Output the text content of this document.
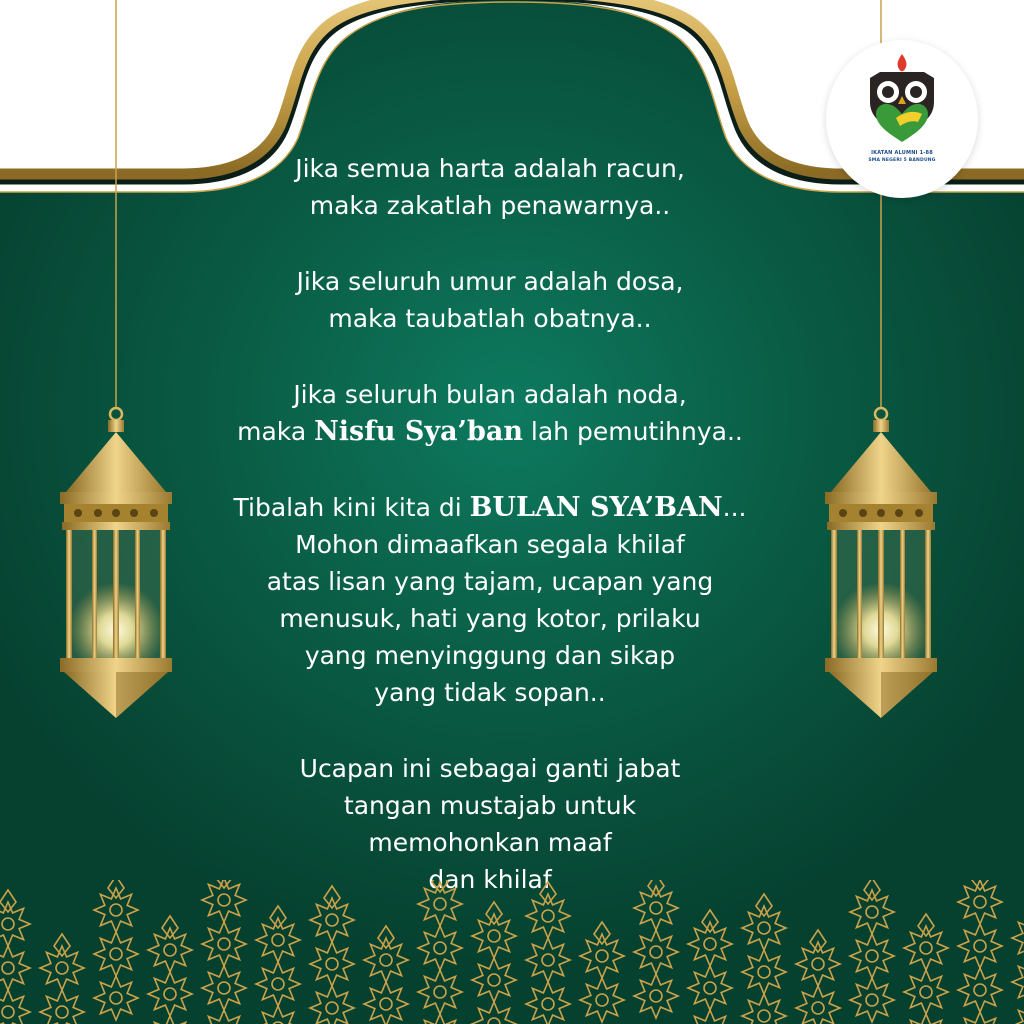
IKATAN ALUMNI 1-88
SMA NEGERI 5 BANDUNG
Jika semua harta adalah racun,
maka zakatlah penawarnya..
Jika seluruh umur adalah dosa,
maka taubatlah obatnya..
Jika seluruh bulan adalah noda,
maka Nisfu Sya’ban lah pemutihnya..
Tibalah kini kita di BULAN SYA’BAN...
Mohon dimaafkan segala khilaf
atas lisan yang tajam, ucapan yang
menusuk, hati yang kotor, prilaku
yang menyinggung dan sikap
yang tidak sopan..
Ucapan ini sebagai ganti jabat
tangan mustajab untuk
memohonkan maaf
dan khilaf
